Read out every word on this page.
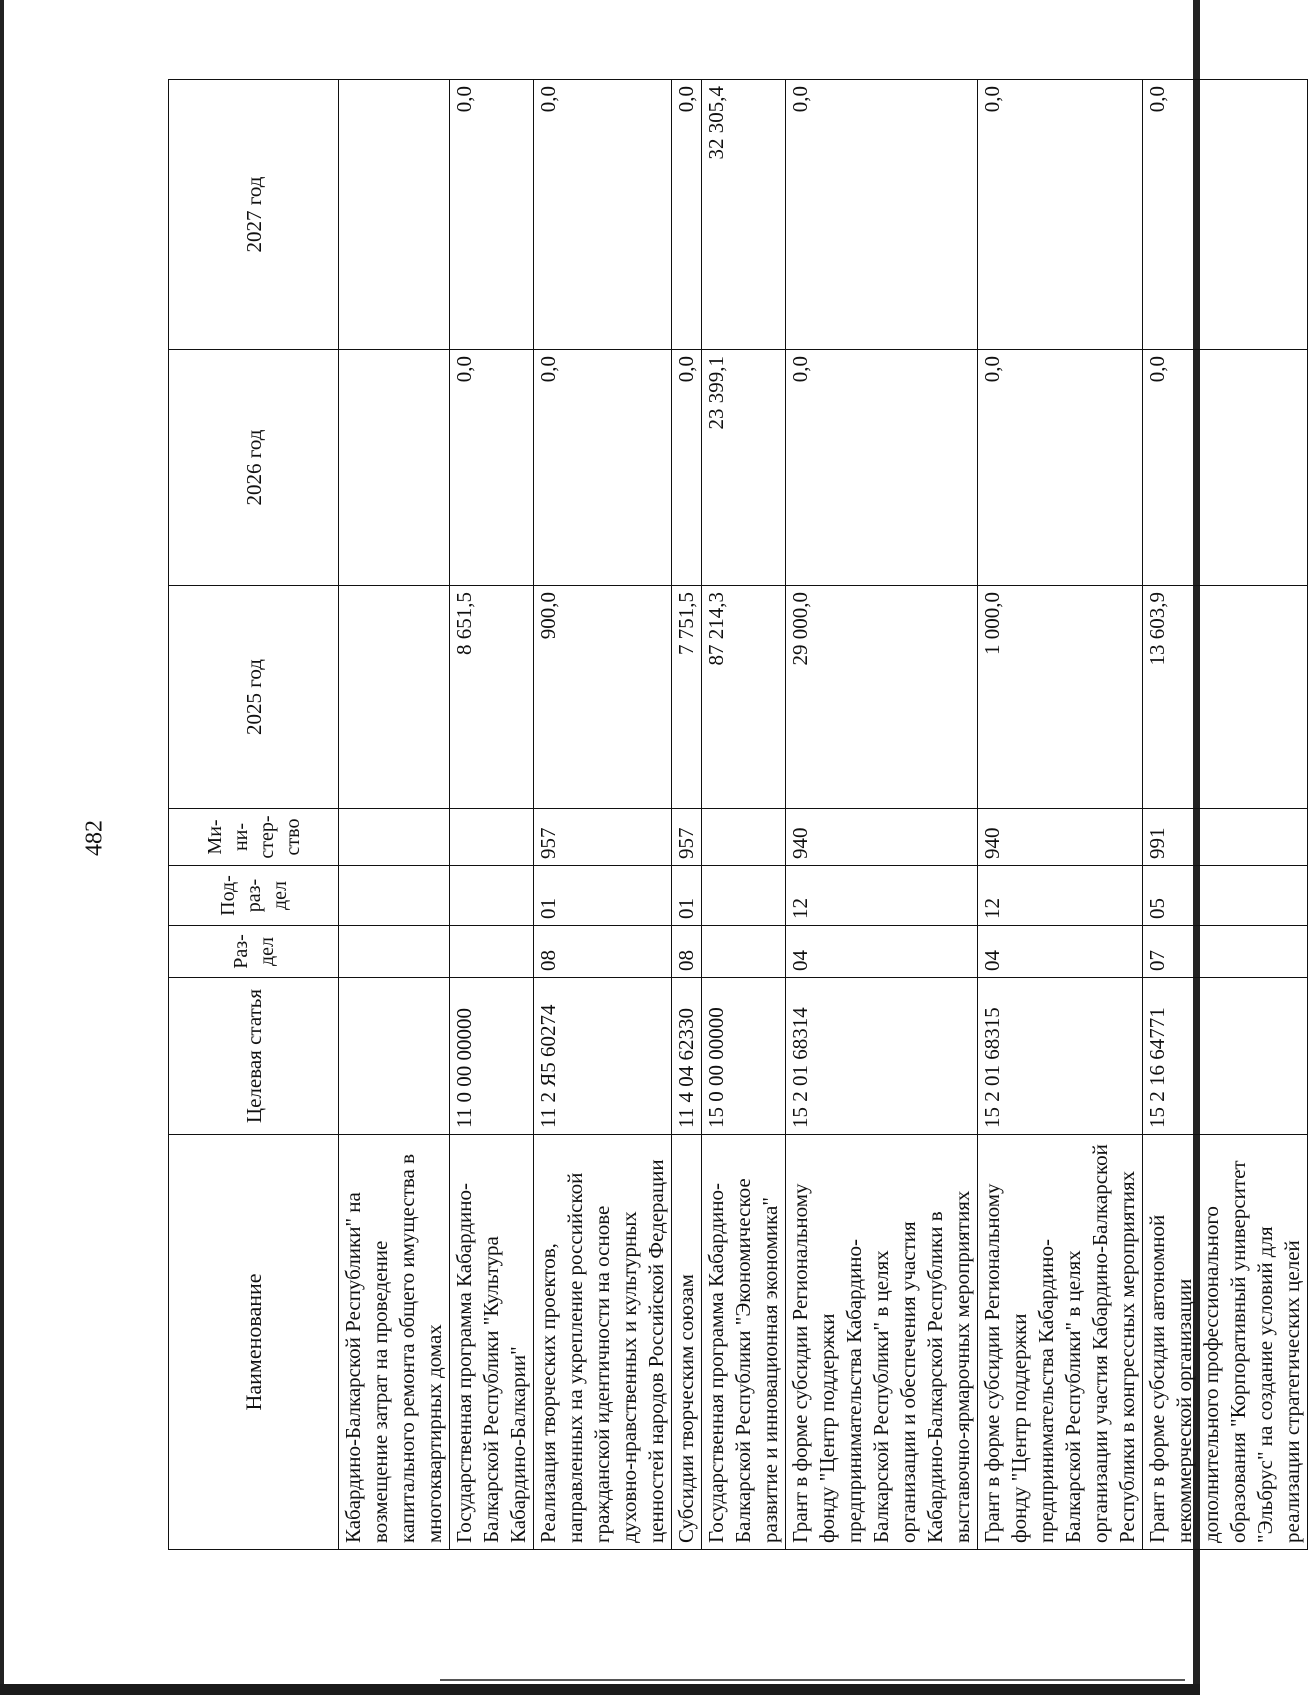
482
Наименование	Целевая статья	Раз- дел	Под- раз- дел	Ми- ни- стер- ство	2025 год	2026 год	2027 год
Кабардино-Балкарской Республики" на возмещение затрат на проведение капитального ремонта общего имущества в многоквартирных домах							
Государственная программа Кабардино-Балкарской Республики "Культура Кабардино-Балкарии"	11 0 00 00000				8 651,5	0,0	0,0
Реализация творческих проектов, направленных на укрепление российской гражданской идентичности на основе духовно-нравственных и культурных ценностей народов Российской Федерации	11 2 Я5 60274	08	01	957	900,0	0,0	0,0
Субсидии творческим союзам	11 4 04 62330	08	01	957	7 751,5	0,0	0,0
Государственная программа Кабардино-Балкарской Республики "Экономическое развитие и инновационная экономика"	15 0 00 00000				87 214,3	23 399,1	32 305,4
Грант в форме субсидии Региональному фонду "Центр поддержки предпринимательства Кабардино-Балкарской Республики" в целях организации и обеспечения участия Кабардино-Балкарской Республики в выставочно-ярмарочных мероприятиях	15 2 01 68314	04	12	940	29 000,0	0,0	0,0
Грант в форме субсидии Региональному фонду "Центр поддержки предпринимательства Кабардино-Балкарской Республики" в целях организации участия Кабардино-Балкарской Республики в конгрессных мероприятиях	15 2 01 68315	04	12	940	1 000,0	0,0	0,0
Грант в форме субсидии автономной некоммерческой организации дополнительного профессионального образования "Корпоративный университет "Эльбрус" на создание условий для реализации стратегических целей	15 2 16 64771	07	05	991	13 603,9	0,0	0,0
